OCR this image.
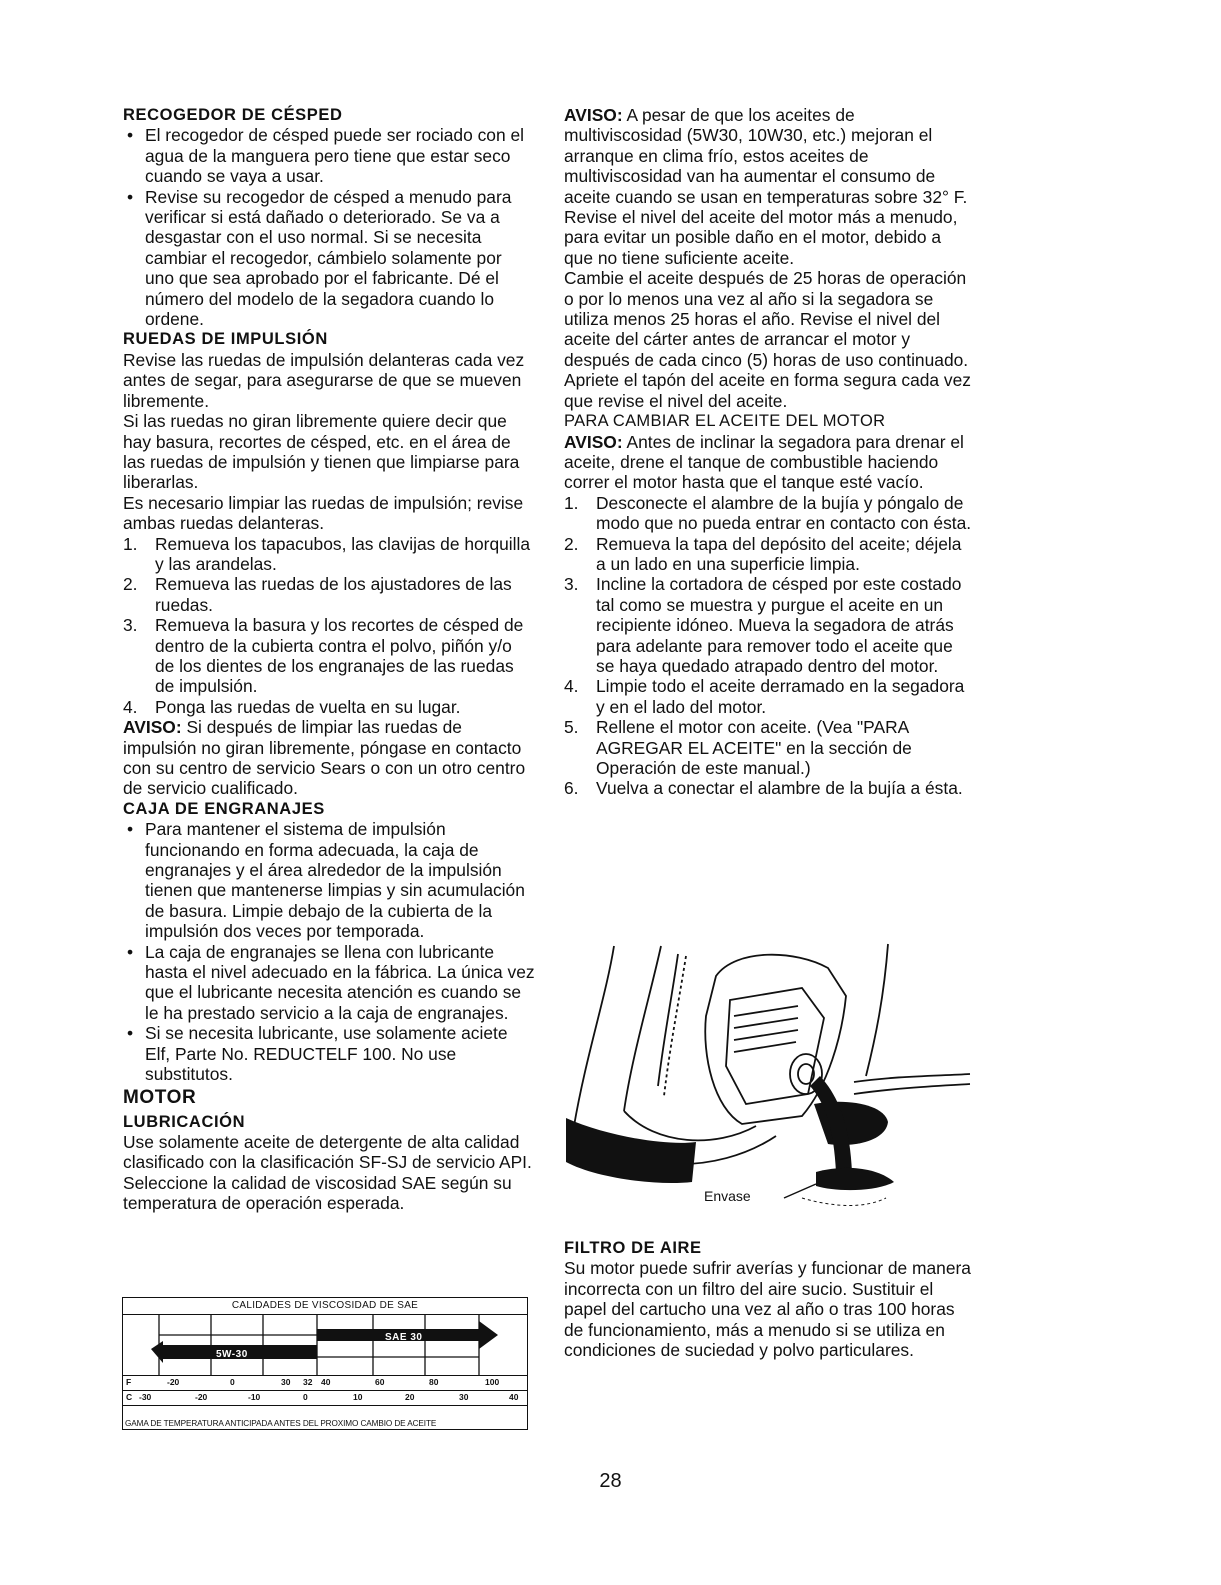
RECOGEDOR DE CÉSPED
• El recogedor de césped puede ser rociado con el agua de la manguera pero tiene que estar seco cuando se vaya a usar.
• Revise su recogedor de césped a menudo para verificar si está dañado o deteriorado. Se va a desgastar con el uso normal. Si se necesita cambiar el recogedor, cámbielo solamente por uno que sea aprobado por el fabricante. Dé el número del modelo de la segadora cuando lo ordene.
RUEDAS DE IMPULSIÓN

Revise las ruedas de impulsión delanteras cada vez antes de segar, para asegurarse de que se mueven libremente.

Si las ruedas no giran libremente quiere decir que hay basura, recortes de césped, etc. en el área de las ruedas de impulsión y tienen que limpiarse para liberarlas.

Es necesario limpiar las ruedas de impulsión; revise ambas ruedas delanteras.

1. Remueva los tapacubos, las clavijas de horquilla y las arandelas.
2. Remueva las ruedas de los ajustadores de las ruedas.
3. Remueva la basura y los recortes de césped de dentro de la cubierta contra el polvo, piñón y/o de los dientes de los engranajes de las ruedas de impulsión.
4. Ponga las ruedas de vuelta en su lugar.

AVISO: Si después de limpiar las ruedas de impulsión no giran libremente, póngase en contacto con su centro de servicio Sears o con un otro centro de servicio cualificado.

CAJA DE ENGRANAJES
• Para mantener el sistema de impulsión funcionando en forma adecuada, la caja de engranajes y el área alrededor de la impulsión tienen que mantenerse limpias y sin acumulación de basura. Limpie debajo de la cubierta de la impulsión dos veces por temporada.
• La caja de engranajes se llena con lubricante hasta el nivel adecuado en la fábrica. La única vez que el lubricante necesita atención es cuando se le ha prestado servicio a la caja de engranajes.
• Si se necesita lubricante, use solamente aciete Elf, Parte No. REDUCTELF 100. No use substitutos.
MOTOR
LUBRICACIÓN

Use solamente aceite de detergente de alta calidad clasificado con la clasificación SF-SJ de servicio API. Seleccione la calidad de viscosidad SAE según su temperatura de operación esperada.

CALIDADES DE VISCOSIDAD DE SAE
SAE 30
5W-30
F	-20	0	30 32 40	60	80	100
C -30	-20	-10	0	10	20	30	40
GAMA DE TEMPERATURA ANTICIPADA ANTES DEL PROXIMO CAMBIO DE ACEITE

AVISO: A pesar de que los aceites de multiviscosidad (5W30, 10W30, etc.) mejoran el arranque en clima frío, estos aceites de multiviscosidad van ha aumentar el consumo de aceite cuando se usan en temperaturas sobre 32° F. Revise el nivel del aceite del motor más a menudo, para evitar un posible daño en el motor, debido a que no tiene suficiente aceite.

Cambie el aceite después de 25 horas de operación o por lo menos una vez al año si la segadora se utiliza menos 25 horas el año. Revise el nivel del aceite del cárter antes de arrancar el motor y después de cada cinco (5) horas de uso continuado. Apriete el tapón del aceite en forma segura cada vez que revise el nivel del aceite.

PARA CAMBIAR EL ACEITE DEL MOTOR

AVISO: Antes de inclinar la segadora para drenar el aceite, drene el tanque de combustible haciendo correr el motor hasta que el tanque esté vacío.

1. Desconecte el alambre de la bujía y póngalo de modo que no pueda entrar en contacto con ésta.
2. Remueva la tapa del depósito del aceite; déjela a un lado en una superficie limpia.
3. Incline la cortadora de césped por este costado tal como se muestra y purgue el aceite en un recipiente idóneo. Mueva la segadora de atrás para adelante para remover todo el aceite que se haya quedado atrapado dentro del motor.
4. Limpie todo el aceite derramado en la segadora y en el lado del motor.
5. Rellene el motor con aceite. (Vea "PARA AGREGAR EL ACEITE" en la sección de Operación de este manual.)
6. Vuelva a conectar el alambre de la bujía a ésta.
Envase
FILTRO DE AIRE

Su motor puede sufrir averías y funcionar de manera incorrecta con un filtro del aire sucio. Sustituir el papel del cartucho una vez al año o tras 100 horas de funcionamiento, más a menudo si se utiliza en condiciones de suciedad y polvo particulares.

28
